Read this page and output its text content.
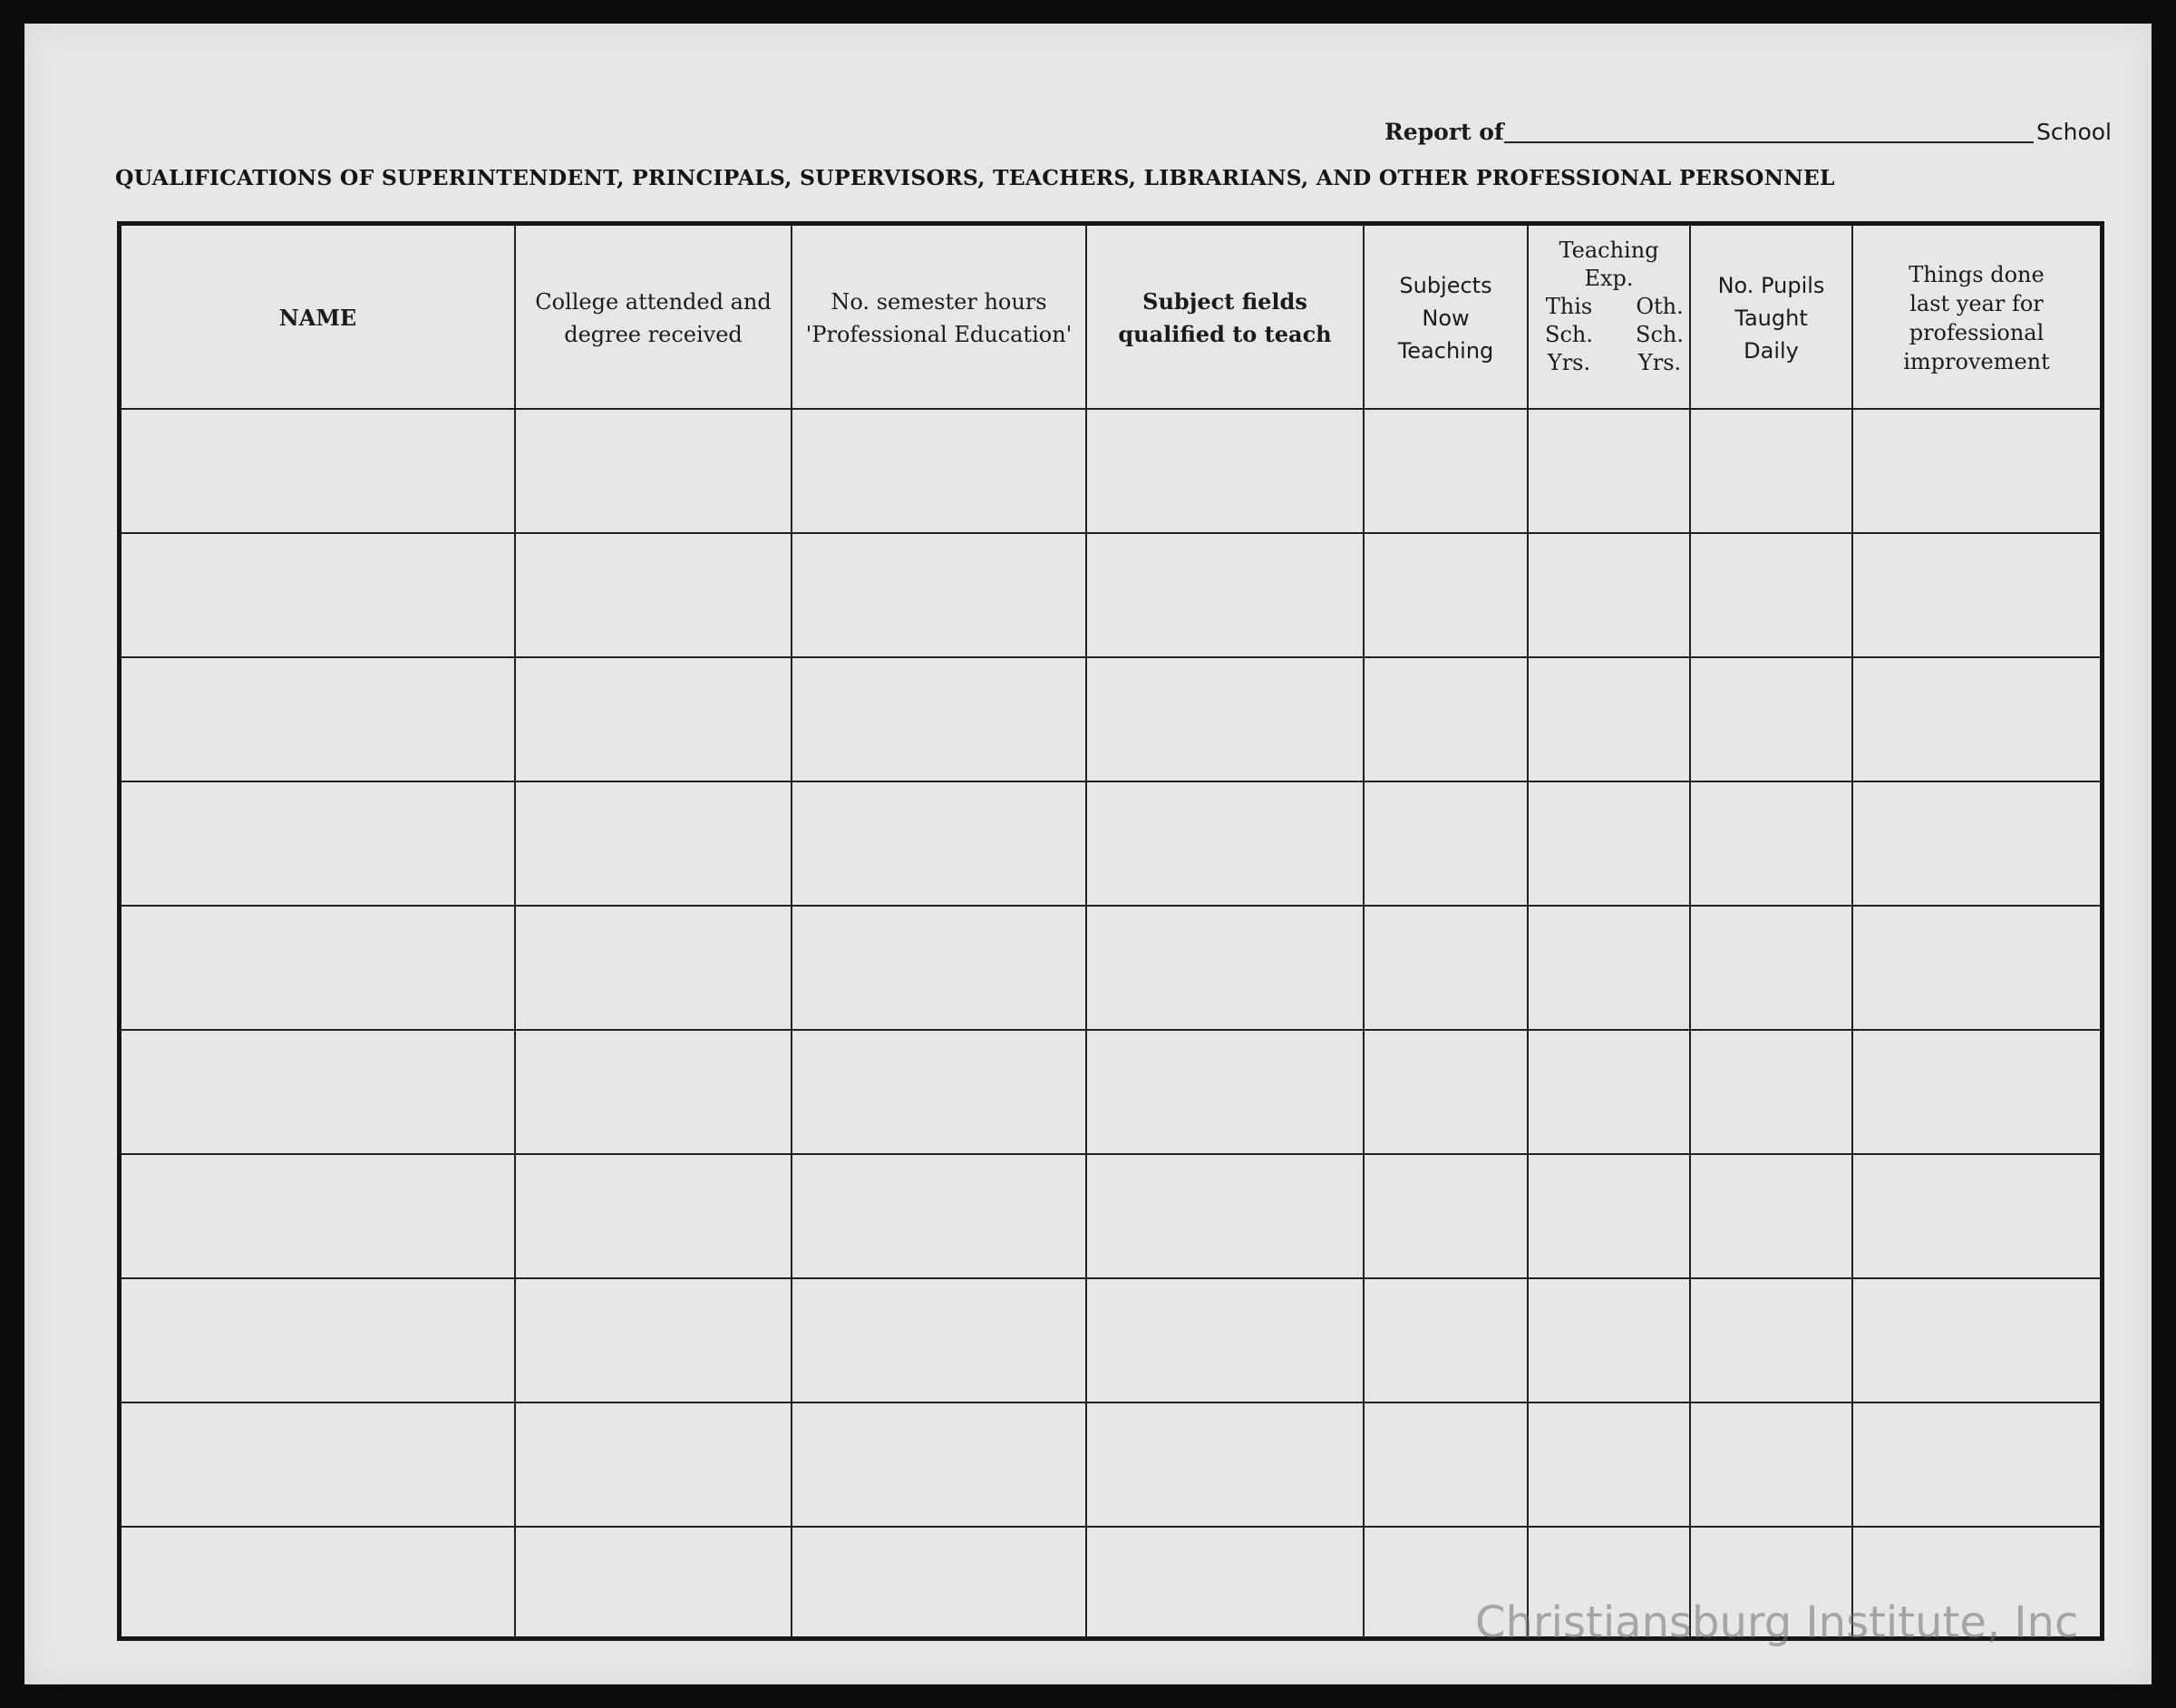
Report of	School
QUALIFICATIONS OF SUPERINTENDENT, PRINCIPALS, SUPERVISORS, TEACHERS, LIBRARIANS, AND OTHER PROFESSIONAL PERSONNEL
NAME
College attended and
degree received
No. semester hours
'Professional Education'
Subject fields
qualified to teach
Subjects
Now
Teaching
Teaching
Exp.
This
Sch.
Yrs.
Oth.
Sch.
Yrs.
No. Pupils
Taught
Daily
Things done
last year for
professional
improvement
Christiansburg Institute, Inc
